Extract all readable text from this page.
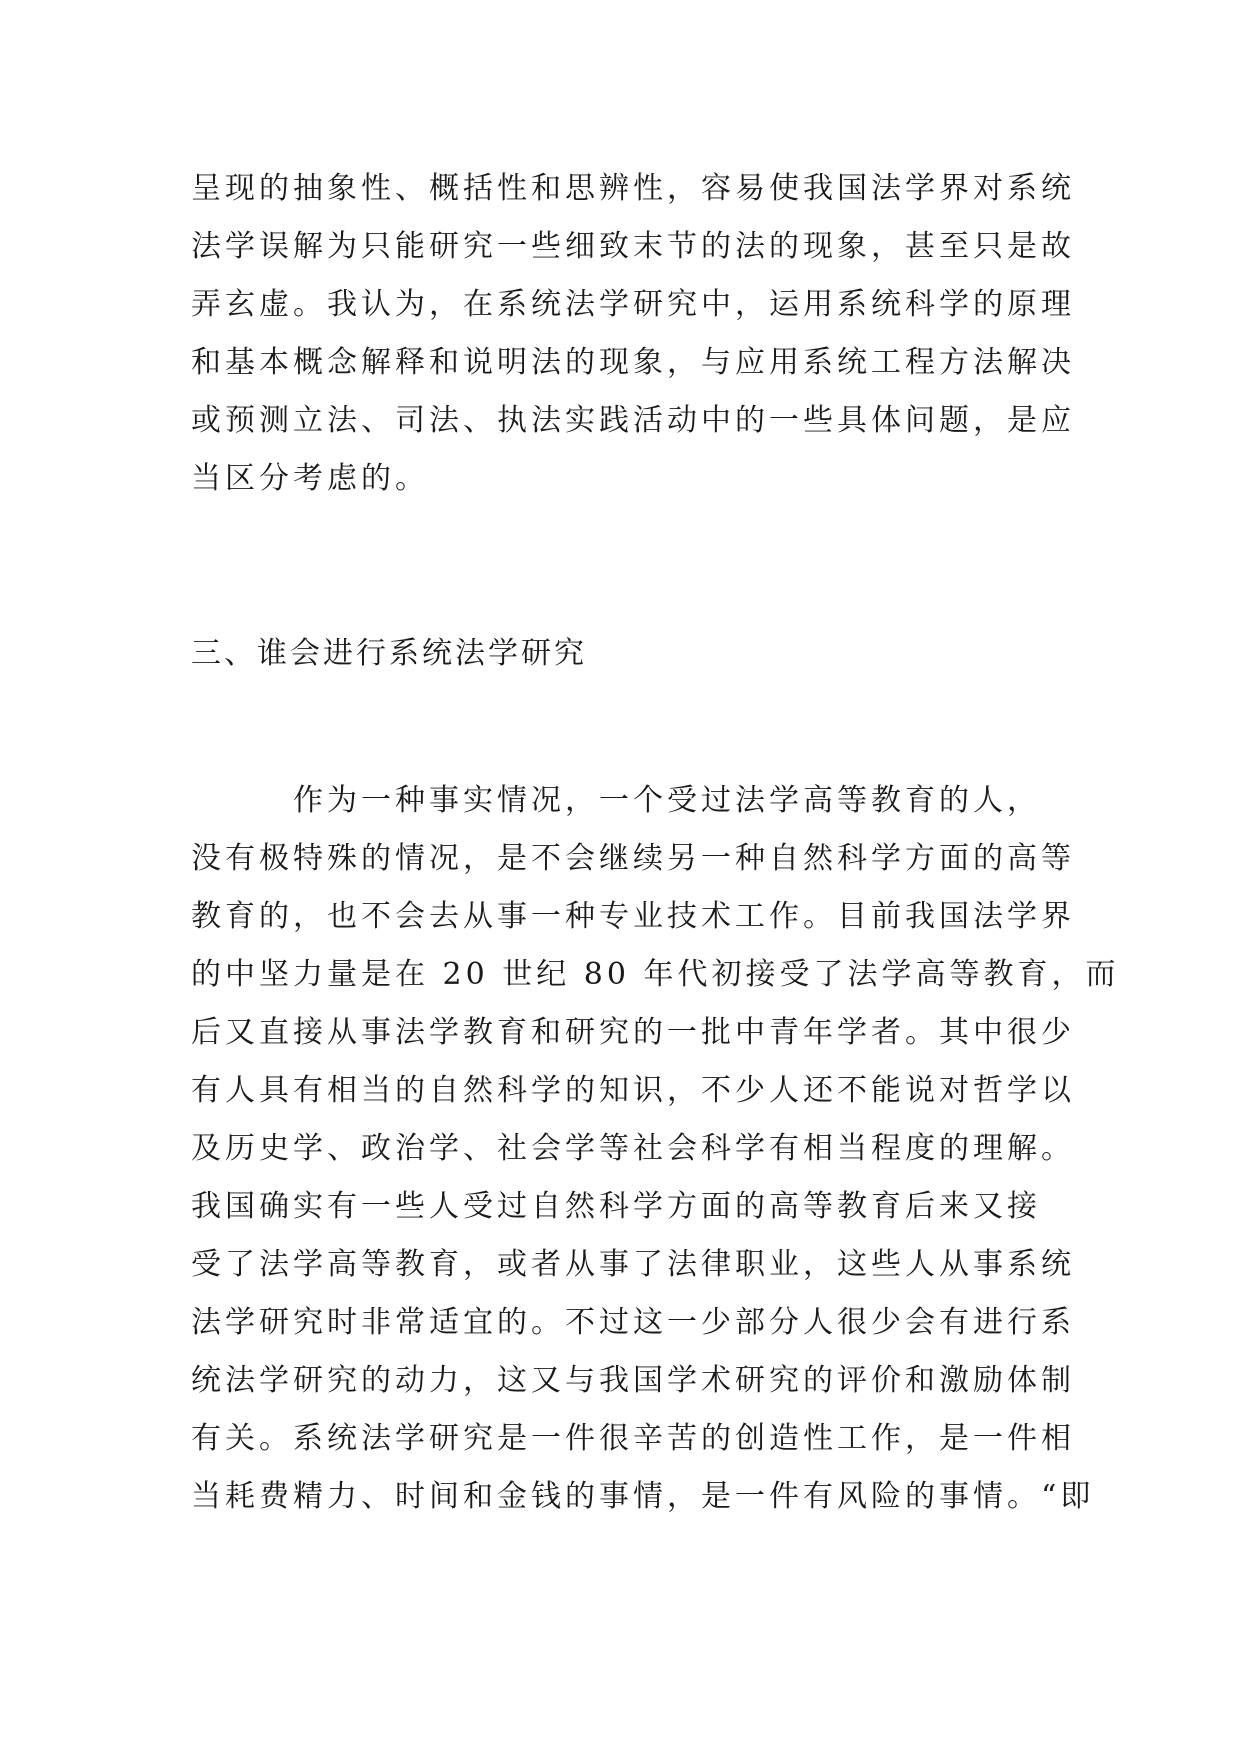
呈现的抽象性、概括性和思辨性，容易使我国法学界对系统
法学误解为只能研究一些细致末节的法的现象，甚至只是故
弄玄虚。我认为，在系统法学研究中，运用系统科学的原理
和基本概念解释和说明法的现象，与应用系统工程方法解决
或预测立法、司法、执法实践活动中的一些具体问题，是应
当区分考虑的。
三、谁会进行系统法学研究
　　　作为一种事实情况，一个受过法学高等教育的人，
没有极特殊的情况，是不会继续另一种自然科学方面的高等
教育的，也不会去从事一种专业技术工作。目前我国法学界
的中坚力量是在 20 世纪 80 年代初接受了法学高等教育，而
后又直接从事法学教育和研究的一批中青年学者。其中很少
有人具有相当的自然科学的知识，不少人还不能说对哲学以
及历史学、政治学、社会学等社会科学有相当程度的理解。
我国确实有一些人受过自然科学方面的高等教育后来又接
受了法学高等教育，或者从事了法律职业，这些人从事系统
法学研究时非常适宜的。不过这一少部分人很少会有进行系
统法学研究的动力，这又与我国学术研究的评价和激励体制
有关。系统法学研究是一件很辛苦的创造性工作，是一件相
当耗费精力、时间和金钱的事情，是一件有风险的事情。“即
